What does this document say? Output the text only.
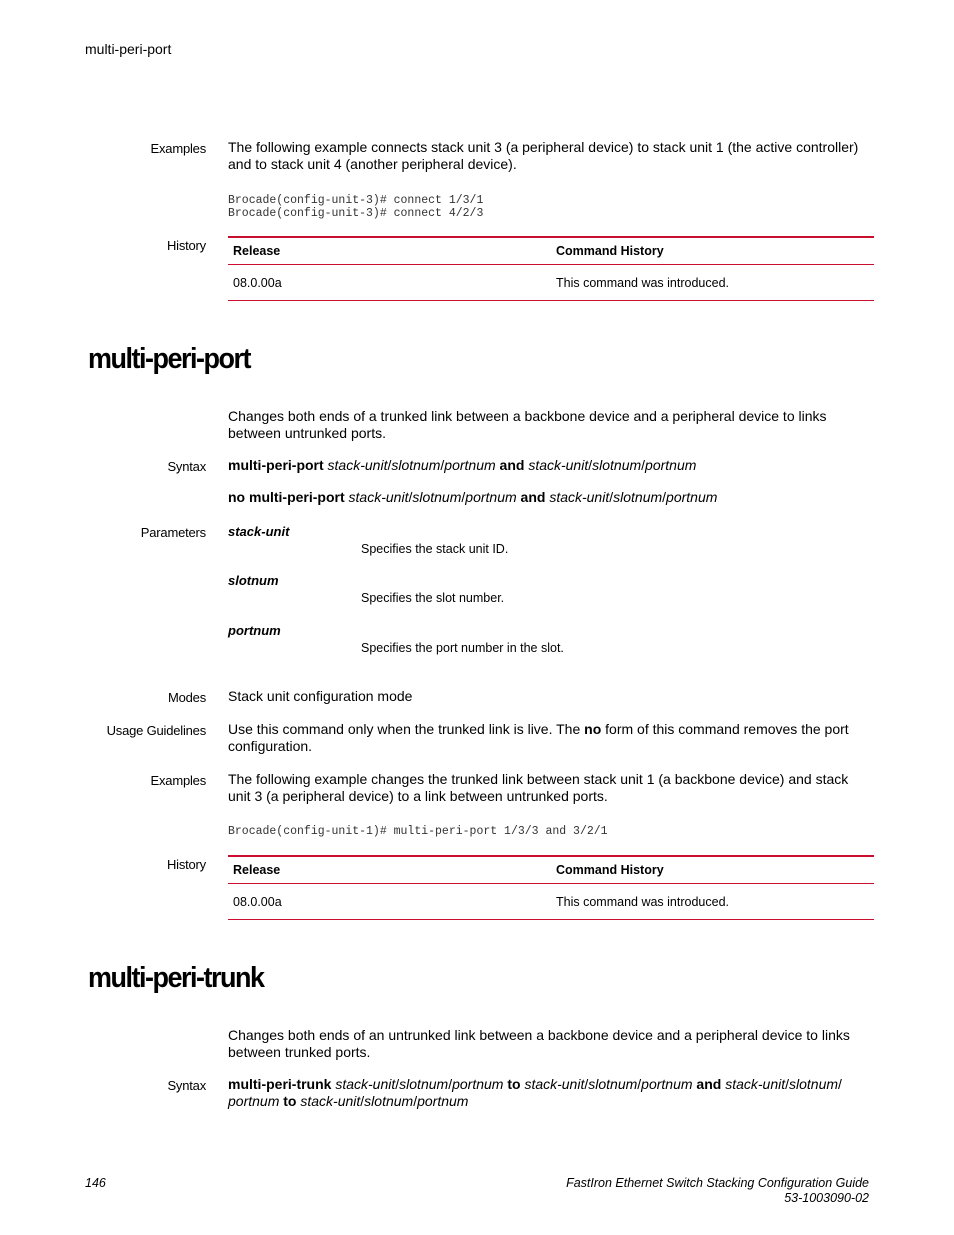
multi-peri-port
Examples The following example connects stack unit 3 (a peripheral device) to stack unit 1 (the active controller) and to stack unit 4 (another peripheral device).
Brocade(config-unit-3)# connect 1/3/1
Brocade(config-unit-3)# connect 4/2/3
History Release	Command History
08.0.00a	This command was introduced.
multi-peri-port
Changes both ends of a trunked link between a backbone device and a peripheral device to links between untrunked ports.
Syntax multi-peri-port stack-unit/slotnum/portnum and stack-unit/slotnum/portnum
no multi-peri-port stack-unit/slotnum/portnum and stack-unit/slotnum/portnum
Parameters stack-unit
Specifies the stack unit ID.
slotnum
Specifies the slot number.
portnum
Specifies the port number in the slot.
Modes Stack unit configuration mode
Usage Guidelines Use this command only when the trunked link is live. The no form of this command removes the port configuration.
Examples The following example changes the trunked link between stack unit 1 (a backbone device) and stack unit 3 (a peripheral device) to a link between untrunked ports.
Brocade(config-unit-1)# multi-peri-port 1/3/3 and 3/2/1
History Release	Command History
08.0.00a	This command was introduced.
multi-peri-trunk
Changes both ends of an untrunked link between a backbone device and a peripheral device to links between trunked ports.
Syntax multi-peri-trunk stack-unit/slotnum/portnum to stack-unit/slotnum/portnum and stack-unit/slotnum/
portnum to stack-unit/slotnum/portnum
146	FastIron Ethernet Switch Stacking Configuration Guide
53-1003090-02
